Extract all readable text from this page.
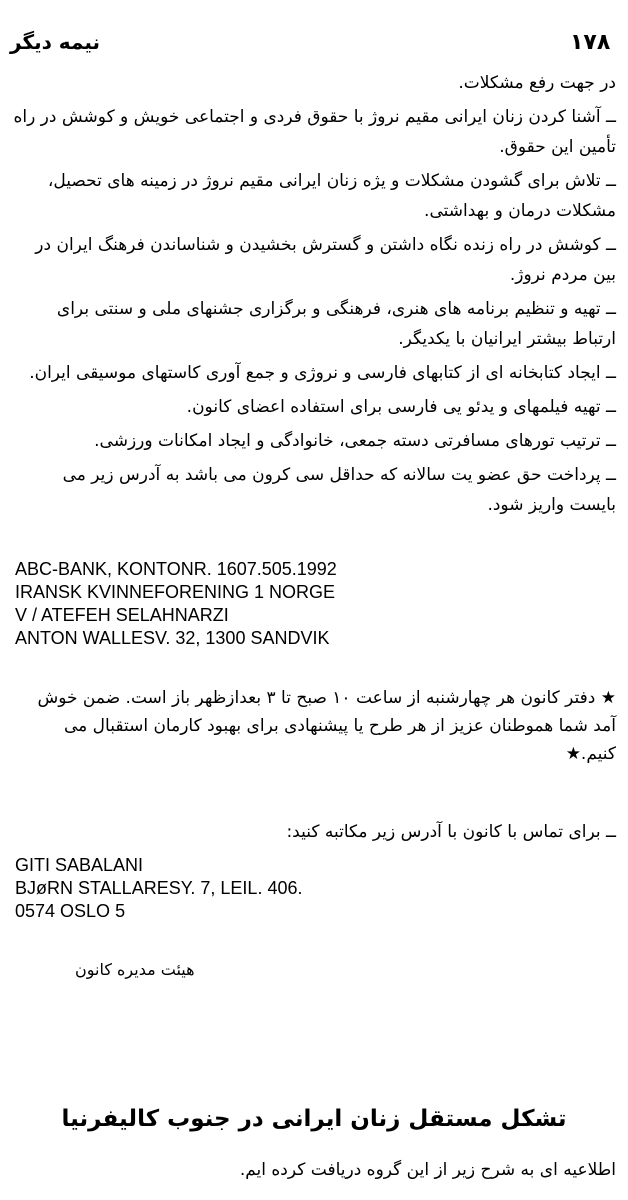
۱۷۸
نیمه دیگر

در جهت رفع مشکلات.

ــ آشنا کردن زنان ایرانی مقیم نروژ با حقوق فردی و اجتماعی خویش و کوشش در راه تأمین این حقوق.

ــ تلاش برای گشودن مشکلات و یژه زنان ایرانی مقیم نروژ در زمینه های تحصیل، مشکلات درمان و بهداشتی.

ــ کوشش در راه زنده نگاه داشتن و گسترش بخشیدن و شناساندن فرهنگ ایران در بین مردم نروژ.

ــ تهیه و تنظیم برنامه های هنری، فرهنگی و برگزاری جشنهای ملی و سنتی برای ارتباط بیشتر ایرانیان با یکدیگر.

ــ ایجاد کتابخانه ای از کتابهای فارسی و نروژی و جمع آوری کاستهای موسیقی ایران.

ــ تهیه فیلمهای و یدئو یی فارسی برای استفاده اعضای کانون.

ــ ترتیب تورهای مسافرتی دسته جمعی، خانوادگی و ایجاد امکانات ورزشی.

ــ پرداخت حق عضو یت سالانه که حداقل سی کرون می باشد به آدرس زیر می بایست واریز شود.

ABC-BANK, KONTONR. 1607.505.1992
IRANSK KVINNEFORENING 1 NORGE
V / ATEFEH SELAHNARZI
ANTON WALLESV. 32, 1300 SANDVIK
★ دفتر کانون هر چهارشنبه از ساعت ۱۰ صبح تا ۳ بعدازظهر باز است. ضمن خوش آمد شما هموطنان عزیز از هر طرح یا پیشنهادی برای بهبود کارمان استقبال می کنیم.★
ــ برای تماس با کانون با آدرس زیر مکاتبه کنید:
GITI SABALANI
BJøRN STALLARESY. 7, LEIL. 406.
0574 OSLO 5
هیئت مدیره کانون
تشکل مستقل زنان ایرانی در جنوب کالیفرنیا
اطلاعیه ای به شرح زیر از این گروه دریافت کرده ایم.
